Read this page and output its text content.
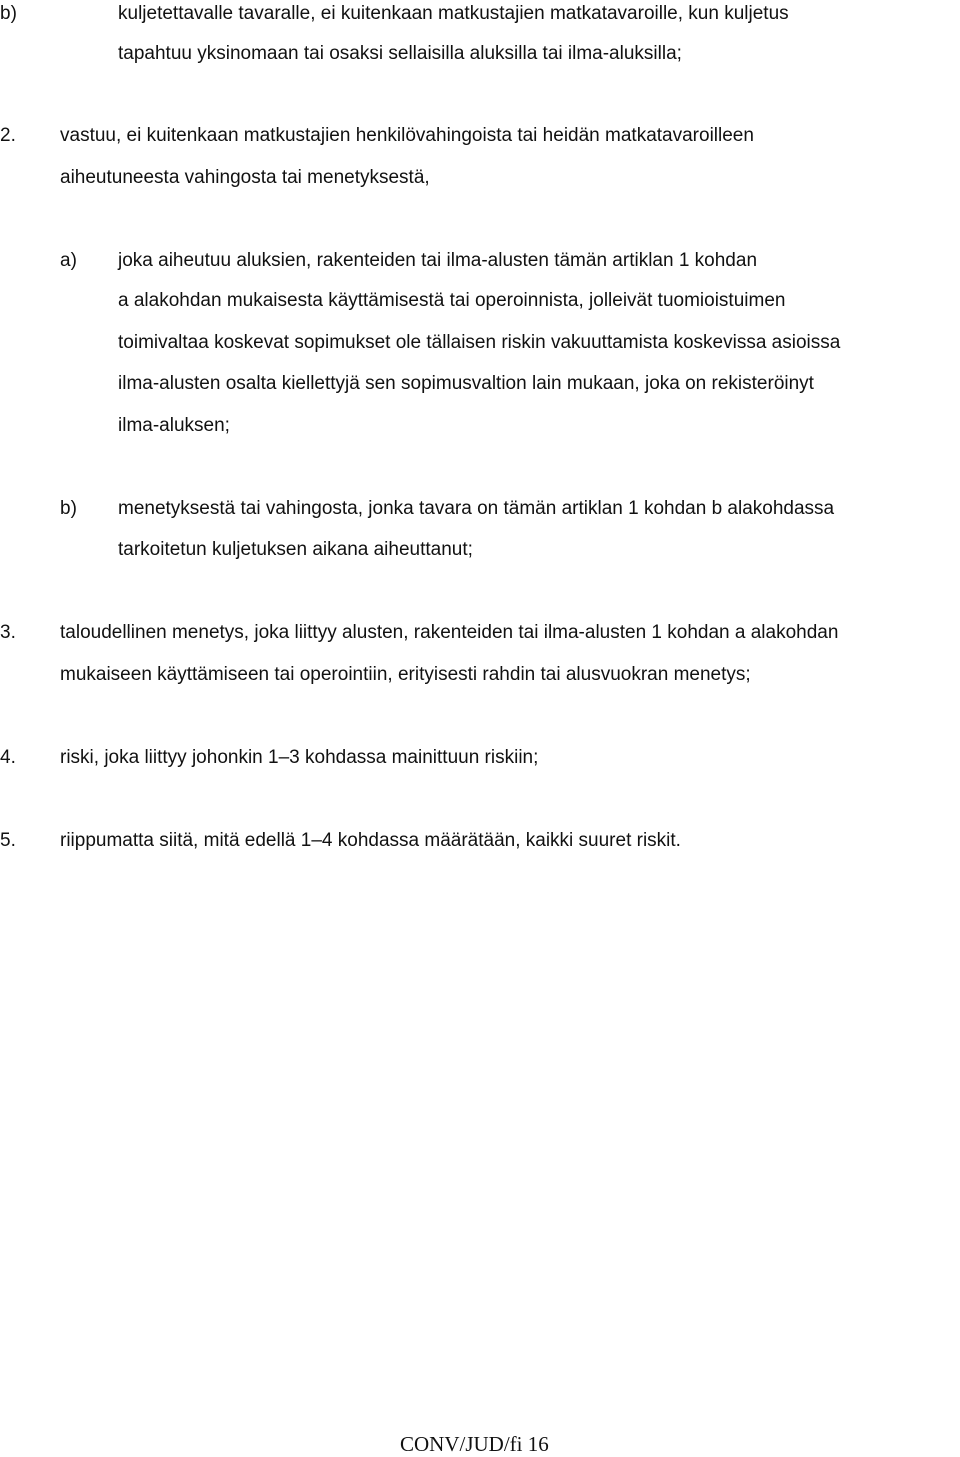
b)	kuljetettavalle tavaralle, ei kuitenkaan matkustajien matkatavaroille, kun kuljetus
tapahtuu yksinomaan tai osaksi sellaisilla aluksilla tai ilma-aluksilla;
2. vastuu, ei kuitenkaan matkustajien henkilövahingoista tai heidän matkatavaroilleen
aiheutuneesta vahingosta tai menetyksestä,
a) joka aiheutuu aluksien, rakenteiden tai ilma-alusten tämän artiklan 1 kohdan
a alakohdan mukaisesta käyttämisestä tai operoinnista, jolleivät tuomioistuimen
toimivaltaa koskevat sopimukset ole tällaisen riskin vakuuttamista koskevissa asioissa
ilma-alusten osalta kiellettyjä sen sopimusvaltion lain mukaan, joka on rekisteröinyt
ilma-aluksen;
b) menetyksestä tai vahingosta, jonka tavara on tämän artiklan 1 kohdan b alakohdassa
tarkoitetun kuljetuksen aikana aiheuttanut;
3. taloudellinen menetys, joka liittyy alusten, rakenteiden tai ilma-alusten 1 kohdan a alakohdan
mukaiseen käyttämiseen tai operointiin, erityisesti rahdin tai alusvuokran menetys;
4. riski, joka liittyy johonkin 1–3 kohdassa mainittuun riskiin;
5. riippumatta siitä, mitä edellä 1–4 kohdassa määrätään, kaikki suuret riskit.
CONV/JUD/fi 16
